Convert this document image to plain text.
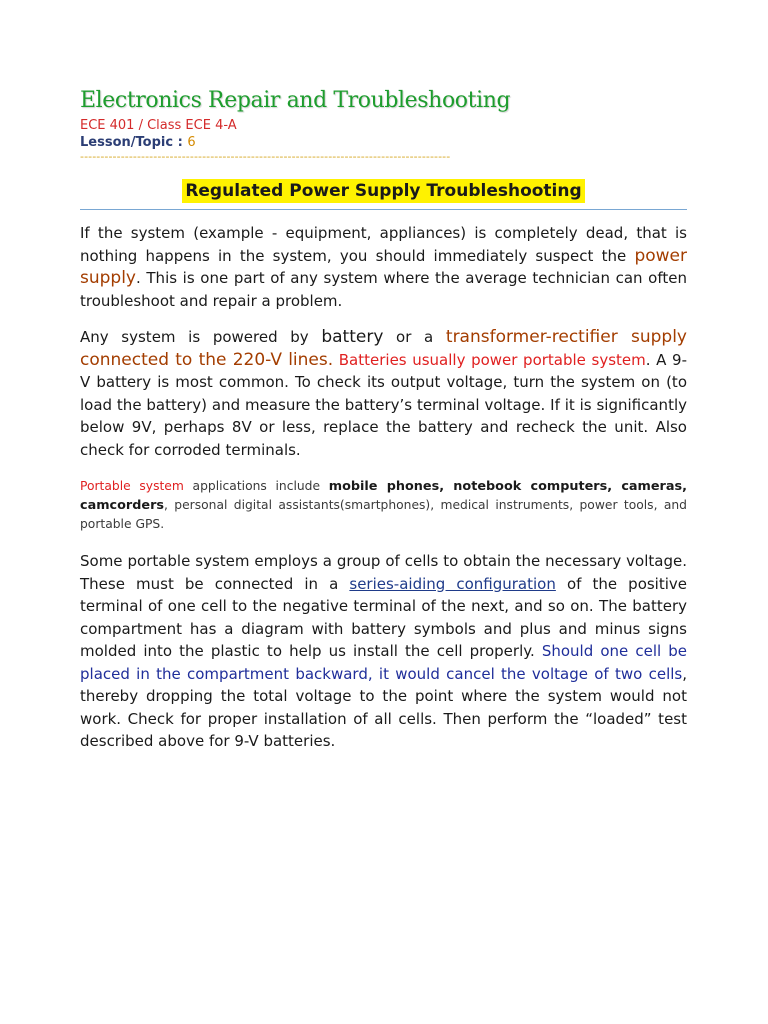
Electronics Repair and Troubleshooting
ECE 401 / Class ECE 4-A
Lesson/Topic : 6
-------------------------------------------------------------------------------------------
Regulated Power Supply Troubleshooting

If the system (example - equipment, appliances) is completely dead, that is nothing happens in the system, you should immediately suspect the power supply. This is one part of any system where the average technician can often troubleshoot and repair a problem.

Any system is powered by battery or a transformer-rectifier supply connected to the 220-V lines. Batteries usually power portable system. A 9-V battery is most common. To check its output voltage, turn the system on (to load the battery) and measure the battery’s terminal voltage. If it is significantly below 9V, perhaps 8V or less, replace the battery and recheck the unit. Also check for corroded terminals.

Portable system applications include mobile phones, notebook computers, cameras, camcorders, personal digital assistants(smartphones), medical instruments, power tools, and portable GPS.

Some portable system employs a group of cells to obtain the necessary voltage. These must be connected in a series-aiding configuration of the positive terminal of one cell to the negative terminal of the next, and so on. The battery compartment has a diagram with battery symbols and plus and minus signs molded into the plastic to help us install the cell properly. Should one cell be placed in the compartment backward, it would cancel the voltage of two cells, thereby dropping the total voltage to the point where the system would not work. Check for proper installation of all cells. Then perform the “loaded” test described above for 9-V batteries.
